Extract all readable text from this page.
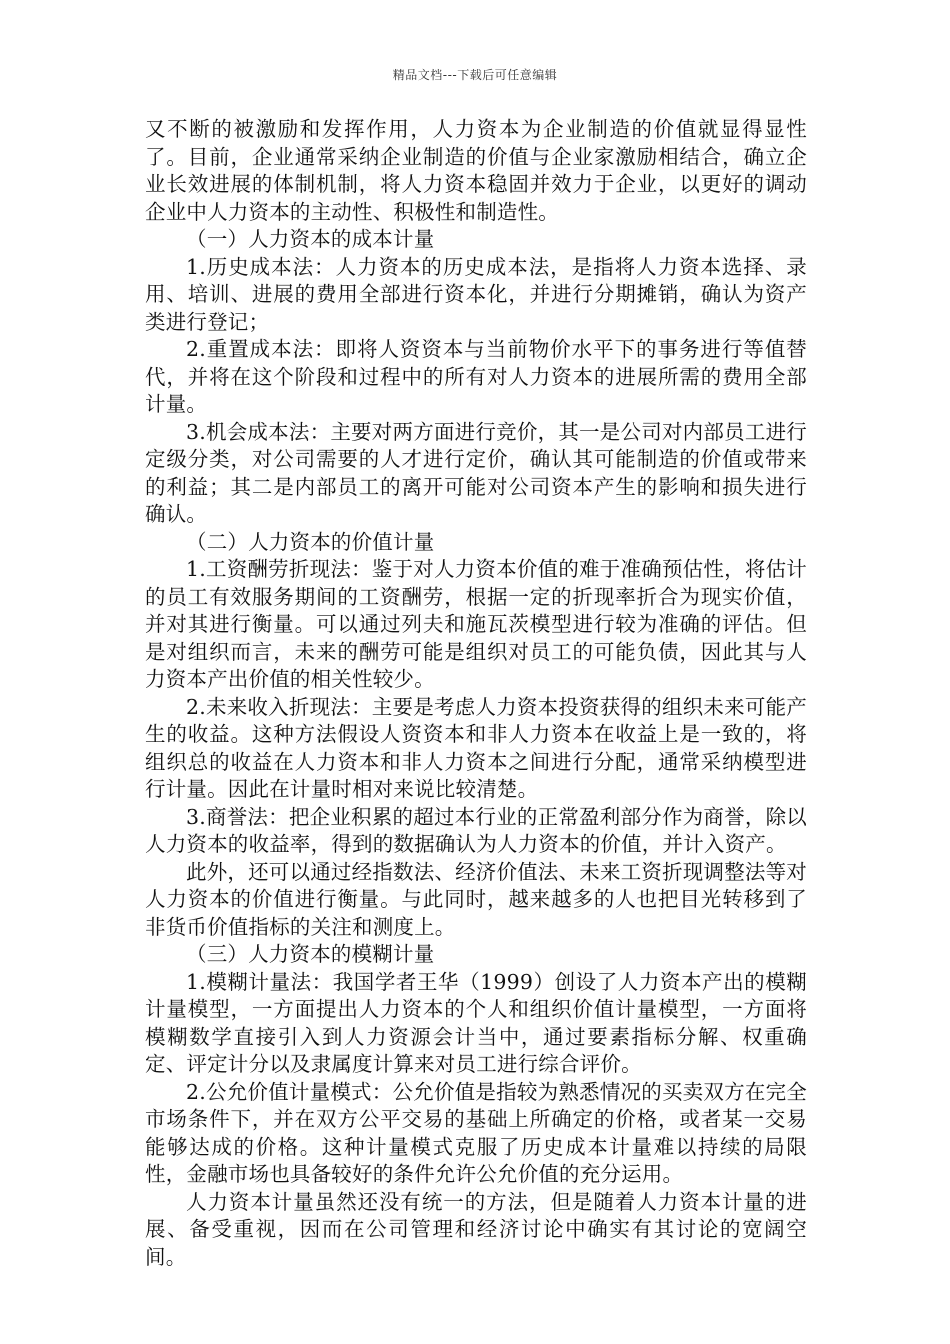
精品文档---下载后可任意编辑

又不断的被激励和发挥作用，人力资本为企业制造的价值就显得显性了。目前，企业通常采纳企业制造的价值与企业家激励相结合，确立企业长效进展的体制机制，将人力资本稳固并效力于企业，以更好的调动企业中人力资本的主动性、积极性和制造性。

（一）人力资本的成本计量

1.历史成本法：人力资本的历史成本法，是指将人力资本选择、录用、培训、进展的费用全部进行资本化，并进行分期摊销，确认为资产类进行登记；

2.重置成本法：即将人资资本与当前物价水平下的事务进行等值替代，并将在这个阶段和过程中的所有对人力资本的进展所需的费用全部计量。

3.机会成本法：主要对两方面进行竞价，其一是公司对内部员工进行定级分类，对公司需要的人才进行定价，确认其可能制造的价值或带来的利益；其二是内部员工的离开可能对公司资本产生的影响和损失进行确认。

（二）人力资本的价值计量

1.工资酬劳折现法：鉴于对人力资本价值的难于准确预估性，将估计的员工有效服务期间的工资酬劳，根据一定的折现率折合为现实价值，并对其进行衡量。可以通过列夫和施瓦茨模型进行较为准确的评估。但是对组织而言，未来的酬劳可能是组织对员工的可能负债，因此其与人力资本产出价值的相关性较少。

2.未来收入折现法：主要是考虑人力资本投资获得的组织未来可能产生的收益。这种方法假设人资资本和非人力资本在收益上是一致的，将组织总的收益在人力资本和非人力资本之间进行分配，通常采纳模型进行计量。因此在计量时相对来说比较清楚。

3.商誉法：把企业积累的超过本行业的正常盈利部分作为商誉，除以人力资本的收益率，得到的数据确认为人力资本的价值，并计入资产。

此外，还可以通过经指数法、经济价值法、未来工资折现调整法等对人力资本的价值进行衡量。与此同时，越来越多的人也把目光转移到了非货币价值指标的关注和测度上。

（三）人力资本的模糊计量

1.模糊计量法：我国学者王华（1999）创设了人力资本产出的模糊计量模型，一方面提出人力资本的个人和组织价值计量模型，一方面将模糊数学直接引入到人力资源会计当中，通过要素指标分解、权重确定、评定计分以及隶属度计算来对员工进行综合评价。

2.公允价值计量模式：公允价值是指较为熟悉情况的买卖双方在完全市场条件下，并在双方公平交易的基础上所确定的价格，或者某一交易能够达成的价格。这种计量模式克服了历史成本计量难以持续的局限性，金融市场也具备较好的条件允许公允价值的充分运用。

人力资本计量虽然还没有统一的方法，但是随着人力资本计量的进展、备受重视，因而在公司管理和经济讨论中确实有其讨论的宽阔空间。
